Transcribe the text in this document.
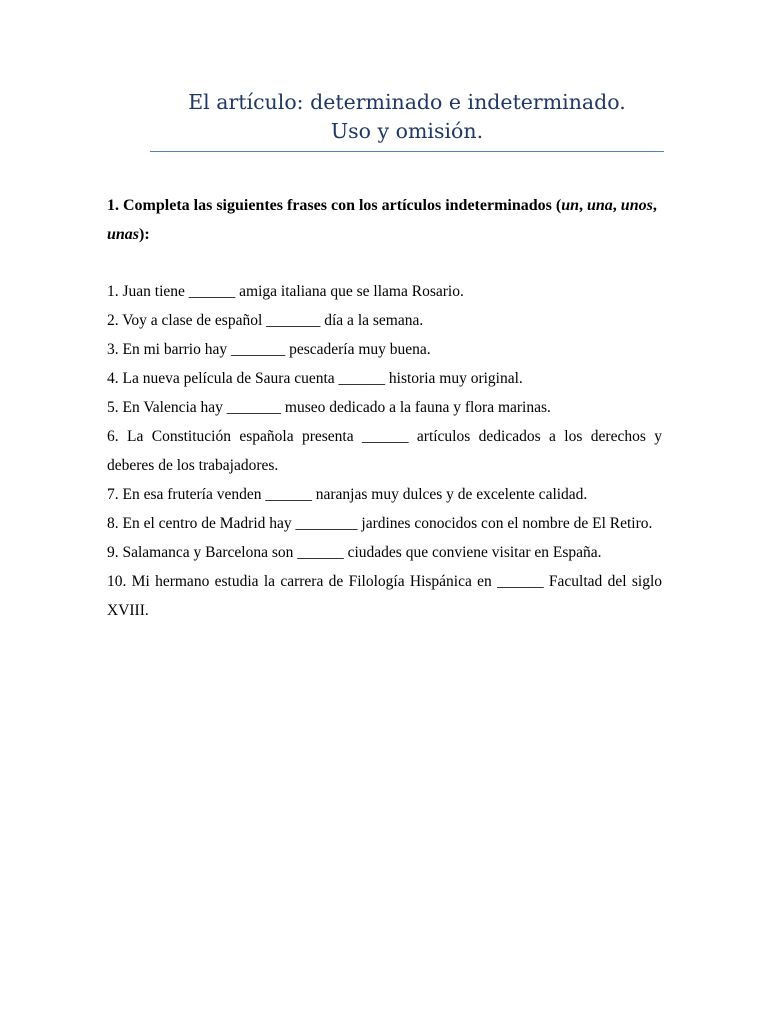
El artículo: determinado e indeterminado.
Uso y omisión.
1. Completa las siguientes frases con los artículos indeterminados (un, una, unos, unas):
1. Juan tiene ______ amiga italiana que se llama Rosario.
2. Voy a clase de español _______ día a la semana.
3. En mi barrio hay _______ pescadería muy buena.
4. La nueva película de Saura cuenta ______ historia muy original.
5. En Valencia hay _______ museo dedicado a la fauna y flora marinas.
6. La Constitución española presenta ______ artículos dedicados a los derechos y deberes de los trabajadores.
7. En esa frutería venden ______ naranjas muy dulces y de excelente calidad.
8. En el centro de Madrid hay ________ jardines conocidos con el nombre de El Retiro.
9. Salamanca y Barcelona son ______ ciudades que conviene visitar en España.
10. Mi hermano estudia la carrera de Filología Hispánica en ______ Facultad del siglo XVIII.
